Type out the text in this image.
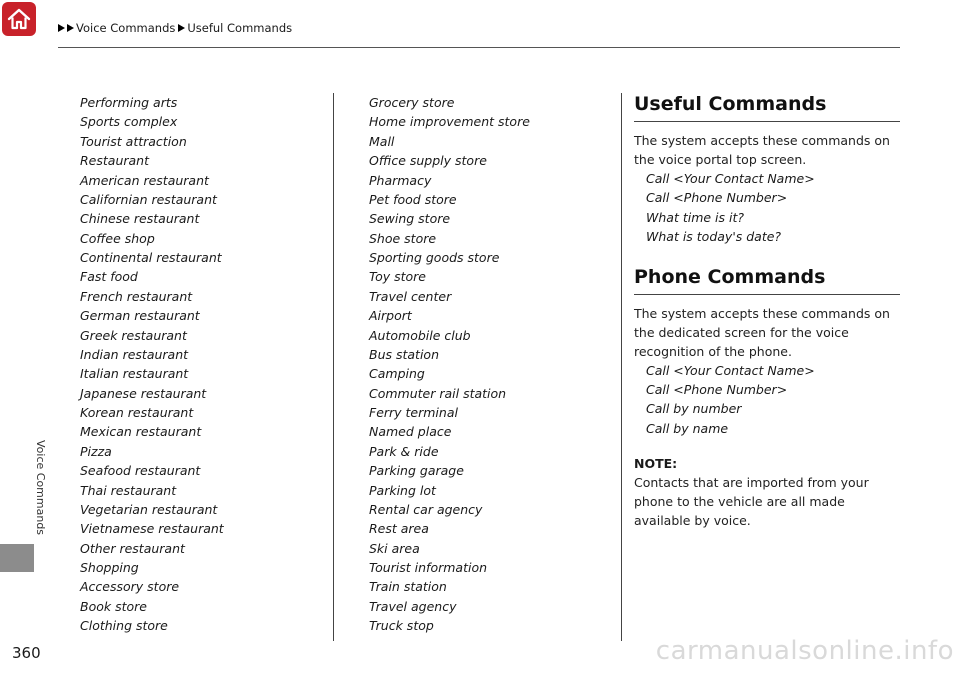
Voice Commands Useful Commands
Voice Commands
360
Performing arts
Sports complex
Tourist attraction
Restaurant
American restaurant
Californian restaurant
Chinese restaurant
Coffee shop
Continental restaurant
Fast food
French restaurant
German restaurant
Greek restaurant
Indian restaurant
Italian restaurant
Japanese restaurant
Korean restaurant
Mexican restaurant
Pizza
Seafood restaurant
Thai restaurant
Vegetarian restaurant
Vietnamese restaurant
Other restaurant
Shopping
Accessory store
Book store
Clothing store
Grocery store
Home improvement store
Mall
Office supply store
Pharmacy
Pet food store
Sewing store
Shoe store
Sporting goods store
Toy store
Travel center
Airport
Automobile club
Bus station
Camping
Commuter rail station
Ferry terminal
Named place
Park & ride
Parking garage
Parking lot
Rental car agency
Rest area
Ski area
Tourist information
Train station
Travel agency
Truck stop
Useful Commands

The system accepts these commands on the voice portal top screen.

Call <Your Contact Name>
Call <Phone Number>
What time is it?
What is today's date?
Phone Commands

The system accepts these commands on the dedicated screen for the voice recognition of the phone.

Call <Your Contact Name>
Call <Phone Number>
Call by number
Call by name
NOTE:

Contacts that are imported from your phone to the vehicle are all made available by voice.

carmanualsonline.info
